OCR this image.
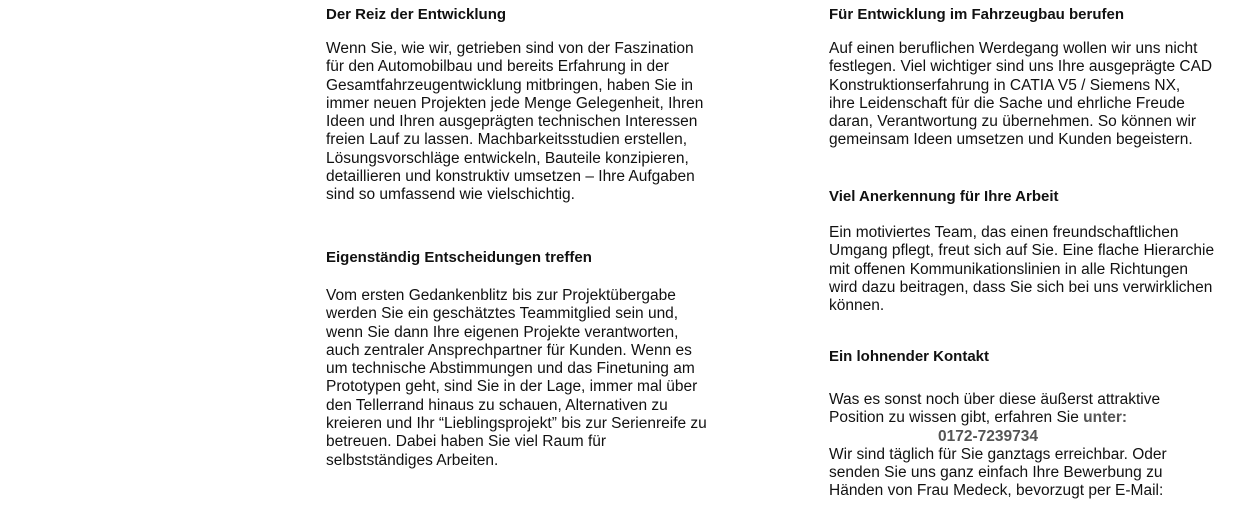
Der Reiz der Entwicklung

Wenn Sie, wie wir, getrieben sind von der Faszination
für den Automobilbau und bereits Erfahrung in der
Gesamtfahrzeugentwicklung mitbringen, haben Sie in
immer neuen Projekten jede Menge Gelegenheit, Ihren
Ideen und Ihren ausgeprägten technischen Interessen
freien Lauf zu lassen. Machbarkeitsstudien erstellen,
Lösungsvorschläge entwickeln, Bauteile konzipieren,
detaillieren und konstruktiv umsetzen – Ihre Aufgaben
sind so umfassend wie vielschichtig.

Eigenständig Entscheidungen treffen

Vom ersten Gedankenblitz bis zur Projektübergabe
werden Sie ein geschätztes Teammitglied sein und,
wenn Sie dann Ihre eigenen Projekte verantworten,
auch zentraler Ansprechpartner für Kunden. Wenn es
um technische Abstimmungen und das Finetuning am
Prototypen geht, sind Sie in der Lage, immer mal über
den Tellerrand hinaus zu schauen, Alternativen zu
kreieren und Ihr “Lieblingsprojekt” bis zur Serienreife zu
betreuen. Dabei haben Sie viel Raum für
selbstständiges Arbeiten.

Für Entwicklung im Fahrzeugbau berufen

Auf einen beruflichen Werdegang wollen wir uns nicht
festlegen. Viel wichtiger sind uns Ihre ausgeprägte CAD
Konstruktionserfahrung in CATIA V5 / Siemens NX,
ihre Leidenschaft für die Sache und ehrliche Freude
daran, Verantwortung zu übernehmen. So können wir
gemeinsam Ideen umsetzen und Kunden begeistern.

Viel Anerkennung für Ihre Arbeit

Ein motiviertes Team, das einen freundschaftlichen
Umgang pflegt, freut sich auf Sie. Eine flache Hierarchie
mit offenen Kommunikationslinien in alle Richtungen
wird dazu beitragen, dass Sie sich bei uns verwirklichen
können.

Ein lohnender Kontakt

Was es sonst noch über diese äußerst attraktive
Position zu wissen gibt, erfahren Sie unter:
0172-7239734
Wir sind täglich für Sie ganztags erreichbar. Oder
senden Sie uns ganz einfach Ihre Bewerbung zu
Händen von Frau Medeck, bevorzugt per E-Mail:
